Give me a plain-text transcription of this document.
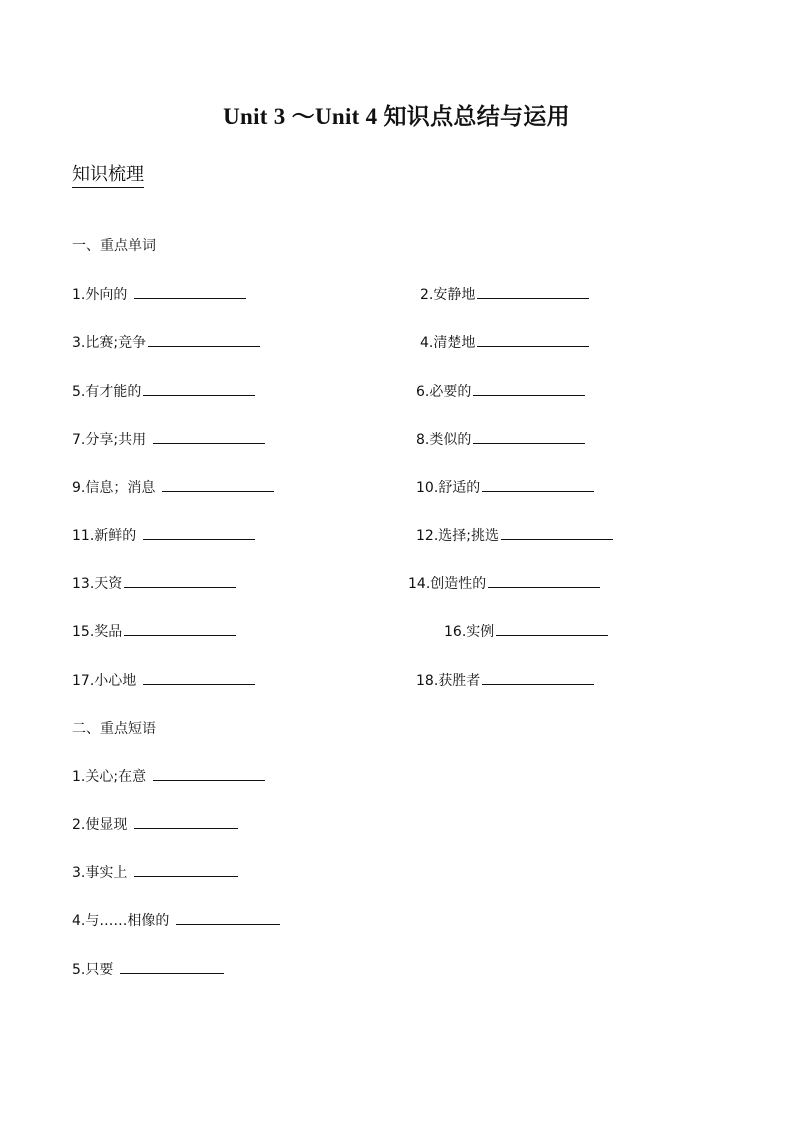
Unit 3 ～Unit 4 知识点总结与运用
知识梳理
一、重点单词
1.外向的	2.安静地
3.比赛;竞争	4.清楚地
5.有才能的	6.必要的
7.分享;共用	8.类似的
9.信息；消息	10.舒适的
11.新鲜的	12.选择;挑选
13.天资	14.创造性的
15.奖品	16.实例
17.小心地	18.获胜者
二、重点短语
1.关心;在意
2.使显现
3.事实上
4.与……相像的
5.只要
